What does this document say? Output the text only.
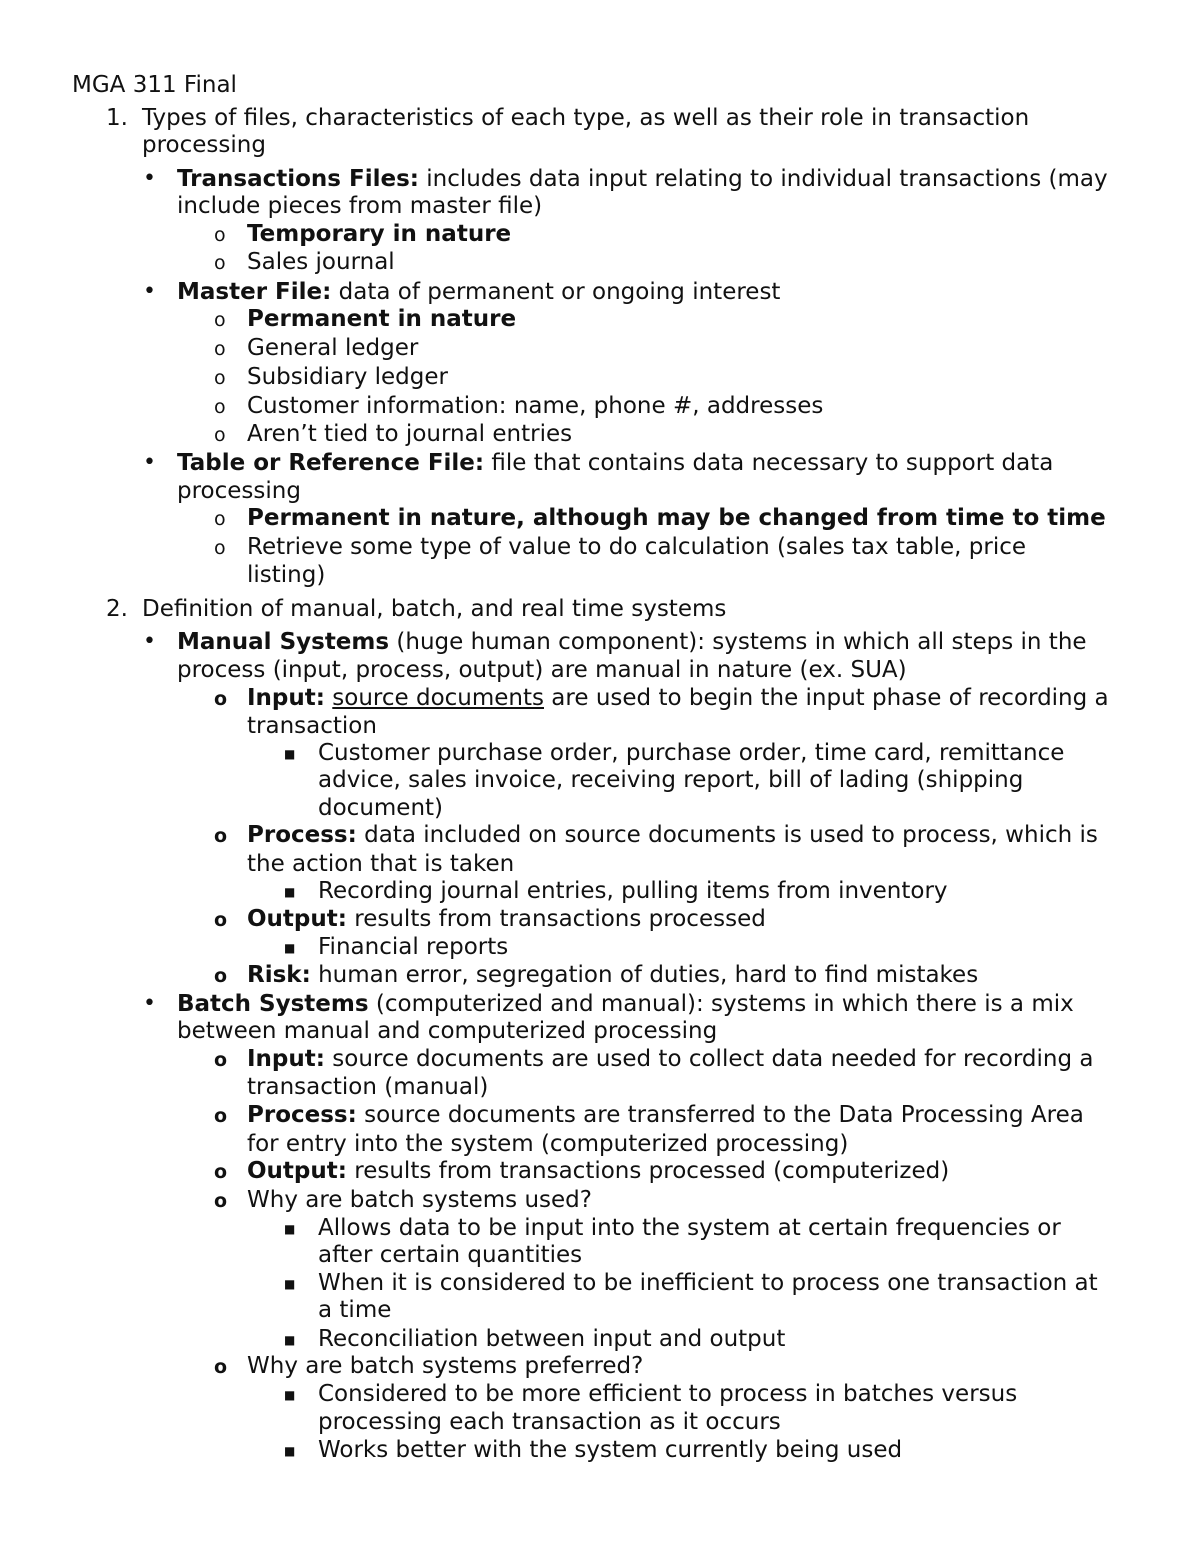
MGA 311 Final
1. Types of files, characteristics of each type, as well as their role in transaction
processing
• Transactions Files: includes data input relating to individual transactions (may
include pieces from master file)
o Temporary in nature
o Sales journal
• Master File: data of permanent or ongoing interest
o Permanent in nature
o General ledger
o Subsidiary ledger
o Customer information: name, phone #, addresses
o Aren’t tied to journal entries
• Table or Reference File: file that contains data necessary to support data
processing
o Permanent in nature, although may be changed from time to time
o Retrieve some type of value to do calculation (sales tax table, price
listing)
2. Definition of manual, batch, and real time systems
• Manual Systems (huge human component): systems in which all steps in the
process (input, process, output) are manual in nature (ex. SUA)
o Input: source documents are used to begin the input phase of recording a
transaction
■ Customer purchase order, purchase order, time card, remittance
advice, sales invoice, receiving report, bill of lading (shipping
document)
o Process: data included on source documents is used to process, which is
the action that is taken
■ Recording journal entries, pulling items from inventory
o Output: results from transactions processed
■ Financial reports
o Risk: human error, segregation of duties, hard to find mistakes
• Batch Systems (computerized and manual): systems in which there is a mix
between manual and computerized processing
o Input: source documents are used to collect data needed for recording a
transaction (manual)
o Process: source documents are transferred to the Data Processing Area
for entry into the system (computerized processing)
o Output: results from transactions processed (computerized)
o Why are batch systems used?
■ Allows data to be input into the system at certain frequencies or
after certain quantities
■ When it is considered to be inefficient to process one transaction at
a time
■ Reconciliation between input and output
o Why are batch systems preferred?
■ Considered to be more efficient to process in batches versus
processing each transaction as it occurs
■ Works better with the system currently being used
